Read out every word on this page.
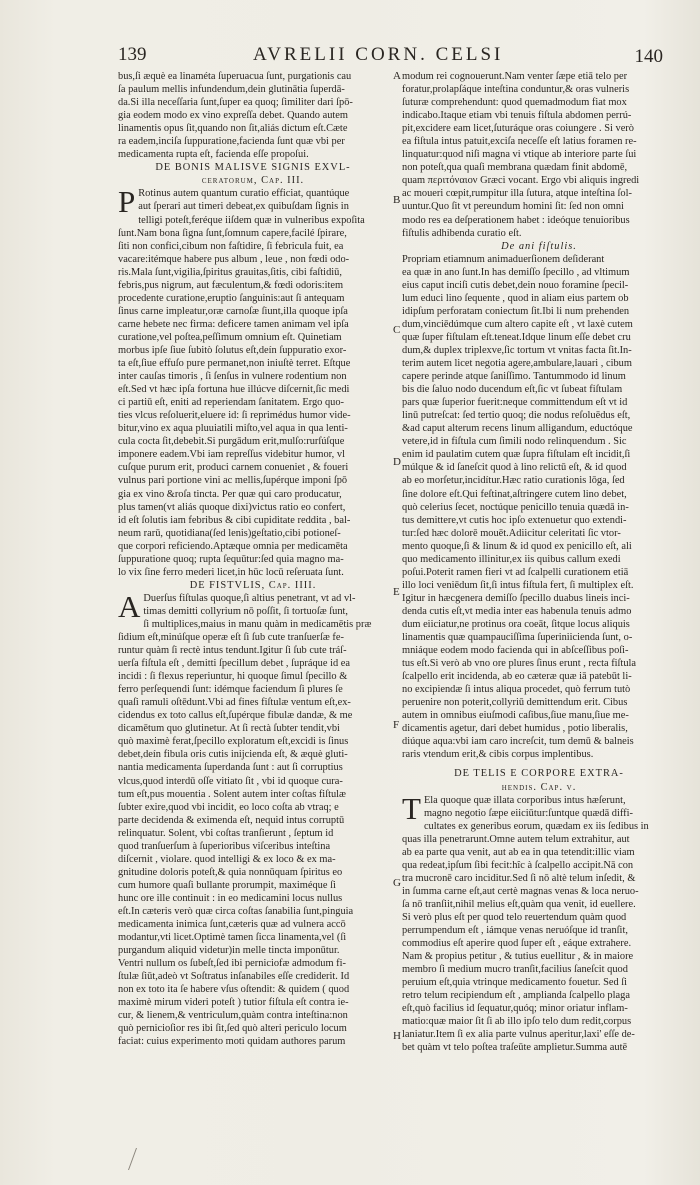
139	AVRELII CORN. CELSI	140
A
B
C
D
E
F
G
H
bus,ſi æquè ea linaméta ſuperuacua ſunt, purgationis cau
ſa paulum mellis infundendum,dein glutinātia ſuperdā-
da.Si illa neceſſaria ſunt,ſuper ea quoq; ſimiliter dari ſpō-
gia eodem modo ex vino expreſſa debet. Quando autem
linamentis opus ſit,quando non ſit,aliás dictum eſt.Cæte
ra eadem,inciſa ſuppuratione,facienda ſunt quæ vbi per
medicamenta rupta eſt, facienda eſſe propoſui.
DE BONIS MALISVE SIGNIS EXVL-
ceratorum, Cap. III.
P Rotinus autem quantum curatio efficiat, quantúque
aut ſperari aut timeri debeat,ex quibuſdam ſignis in
telligi poteſt,feréque iiſdem quæ in vulneribus expoſita
ſunt.Nam bona ſigna ſunt,ſomnum capere,facilé ſpirare,
ſiti non confici,cibum non faſtidire, ſi febricula fuit, ea
vacare:itémque habere pus album , leue , non fœdi odo-
ris.Mala ſunt,vigilia,ſpiritus grauitas,ſitis, cibi faſtidiū,
febris,pus nigrum, aut fæculentum,& fœdi odoris:item
procedente curatione,eruptio ſanguinis:aut ſi antequam
ſinus carne impleatur,oræ carnoſæ ſiunt,illa quoque ipſa
carne hebete nec firma: deficere tamen animam vel ipſa
curatione,vel poſtea,peſſimum omnium eſt. Quinetiam
morbus ipſe ſiue ſubitò ſolutus eſt,deín ſuppuratio exor-
ta eſt,ſiue effuſo pure permanet,non iniuſtè terret. Eſtque
inter cauſas timoris , ſi ſenſus in vulnere rodentium non
eſt.Sed vt hæc ipſa fortuna hue illúcve diſcernit,ſic medi
ci partiū eſt, eniti ad reperiendam ſanitatem. Ergo quo-
ties vlcus reſoluerit,eluere id: ſi reprimédus humor vide-
bitur,vino ex aqua pluuiatili miſto,vel aqua in qua lenti-
cula cocta ſit,debebit.Si purgādum erit,mulſo:rurſúſque
imponere eadem.Vbi iam repreſſus videbitur humor, vl
cuſque purum erit, produci carnem conueniet , & foueri
vulnus pari portione vini ac mellis,ſupérque imponi ſpō
gia ex vino &roſa tincta. Per quæ qui caro producatur,
plus tamen(vt aliás quoque dixi)victus ratio eo confert,
id eſt ſolutis iam febribus & cibi cupiditate reddita , bal-
neum rarū, quotidiana(ſed lenis)geſtatio,cibi potioneſ-
que corpori reficiendo.Aptæque omnia per medicamēta
ſuppuratione quoq; rupta ſequūtur:ſed quia magno ma-
lo vix ſine ferro mederi licet,in hūc locū reſeruata ſunt.
DE FISTVLIS, Cap. IIII.
A Duerſus fiſtulas quoque,ſi altius penetrant, vt ad vl-
timas demitti collyrium nō poſſit, ſi tortuoſæ ſunt,
ſi multiplices,maius in manu quàm in medicamētis præ
ſidium eſt,minúſque operæ eſt ſi ſub cute tranſuerſæ fe-
runtur quàm ſi rectè intus tendunt.Igitur ſi ſub cute tráſ-
uerſa fiſtula eſt , demitti ſpecillum debet , ſupráque id ea
incidi : ſi flexus reperiuntur, hi quoque ſimul ſpecillo &
ferro perſequendi ſunt: idémque faciendum ſi plures ſe
quaſi ramuli oſtēdunt.Vbi ad fines fiſtulæ ventum eſt,ex-
cidendus ex toto callus eſt,ſupérque fibulæ dandæ, & me
dicamētum quo glutinetur. At ſi rectà ſubter tendit,vbi
quò maximè ferat,ſpecillo exploratum eſt,excidi is ſinus
debet,deín fibula oris cutis inijcienda eſt, & æquè gluti-
nantia medicamenta ſuperdanda ſunt : aut ſi corruptius
vlcus,quod interdū oſſe vitiato ſit , vbi id quoque cura-
tum eſt,pus mouentia . Solent autem inter coſtas fiſtulæ
ſubter exire,quod vbi incidit, eo loco coſta ab vtraq; e
parte decidenda & eximenda eſt, nequid intus corruptū
relinquatur. Solent, vbi coſtas tranſierunt , ſeptum id
quod tranſuerſum à ſuperioribus viſceribus inteſtina
diſcernit , violare. quod intelligi & ex loco & ex ma-
gnitudine doloris poteſt,& quia nonnūquam ſpiritus eo
cum humore quaſi bullante prorumpit, maximéque ſi
hunc ore ille continuit : in eo medicamini locus nullus
eſt.In cæteris verò quæ circa coſtas ſanabilia ſunt,pinguia
medicamenta inimica ſunt,cæteris quæ ad vulnera accō
modantur,vti licet.Optimè tamen ſicca linamenta,vel (ſi
purgandum aliquid videtur)in melle tincta imponūtur.
Ventri nullum os ſubeſt,ſed ibi perniciofæ admodum fi-
ſtulæ ſiūt,adeò vt Soſtratus inſanabiles eſſe crediderit. Id
non ex toto ita ſe habere vſus oſtendit: & quidem ( quod
maximè mirum videri poteſt ) tutior fiſtula eſt contra ie-
cur, & lienem,& ventriculum,quàm contra inteſtina:non
quò pernicioſior res ibi ſit,ſed quò alteri periculo locum
faciat: cuius experimento moti quidam authores parum
modum rei cognouerunt.Nam venter ſæpe etiā telo per
foratur,prolapſáque inteſtina conduntur,& oras vulneris
ſuturæ comprehendunt: quod quemadmodum fiat mox
indicabo.Itaque etiam vbi tenuis fiſtula abdomen perrú-
pit,excidere eam licet,ſuturáque oras coiungere . Si verò
ea fiſtula intus patuit,exciſa neceſſe eſt latius foramen re-
linquatur:quod niſi magna vi vtique ab interiore parte ſui
non poteſt,qua quaſi membrana quædam finit abdomē,
quam περιτόναιον Græci vocant. Ergo vbi aliquis ingredi
ac moueri cœpit,rumpitur illa ſutura, atque inteſtina ſol-
uuntur.Quo ſit vt pereundum homini ſit: ſed non omni
modo res ea deſperationem habet : ideóque tenuioribus
fiſtulis adhibenda curatio eſt.
De ani fiſtulis.
Propriam etiamnum animaduerſionem deſiderant
ea quæ in ano ſunt.In has demiſſo ſpecillo , ad vltimum
eius caput inciſi cutis debet,dein nouo foramine ſpecil-
lum educi lino ſequente , quod in aliam eius partem ob
idipſum perforatam coniectum ſit.Ibi li num prehenden
dum,vinciēdúmque cum altero capite eſt , vt laxè cutem
quæ ſuper fiſtulam eſt.teneat.Idque linum eſſe debet cru
dum,& duplex triplexve,ſic tortum vt vnitas facta ſit.In-
terim autem licet negotia agere,ambulare,lauari , cibum
capere perinde atque ſaniſſimo. Tantummodo id linum
bis die ſaluo nodo ducendum eſt,ſic vt ſubeat fiſtulam
pars quæ ſuperior fuerit:neque committendum eſt vt id
linū putreſcat: ſed tertio quoq; die nodus reſoluēdus eſt,
&ad caput alterum recens linum alligandum, eductóque
vetere,id in fiſtula cum ſimili nodo relinquendum . Sic
enim id paulatim cutem quæ ſupra fiſtulam eſt incidit,ſi
múlque & id ſaneſcit quod à lino relictū eſt, & id quod
ab eo morſetur,incidítur.Hæc ratio curationis lōga, ſed
ſine dolore eſt.Qui feſtinat,aſtringere cutem lino debet,
quò celerius ſecet, noctúque penicillo tenuia quædā in-
tus demittere,vt cutis hoc ipſo extenuetur quo extendi-
tur:ſed hæc dolorē mouēt.Adiicitur celeritati ſic vtor-
mento quoque,ſi & linum & id quod ex penicillo eſt, ali
quo medicamento illinitur,ex iis quibus callum exedi
poſui.Poterit ramen fieri vt ad ſcalpelli curationem etiā
illo loci veniēdum ſit,ſi intus fiſtula fert, ſi multiplex eſt.
Igitur in hæcgenera demiſſo ſpecillo duabus lineis inci-
denda cutis eſt,vt media inter eas habenula tenuis admo
dum eiiciatur,ne protinus ora coeāt, ſitque locus aliquis
linamentis quæ quampauciſſima ſuperiniicienda ſunt, o-
mniáque eodem modo facienda qui in abſceſſibus poſi-
tus eſt.Si verò ab vno ore plures ſinus erunt , recta fiſtula
ſcalpello erit incidenda, ab eo cæteræ quæ iā patebūt li-
no excipiendæ ſi intus aliqua procedet, quò ferrum tutò
peruenire non poterit,collyriū demittendum erit. Cibus
autem in omnibus eiuſmodi caſibus,ſiue manu,ſiue me-
dicamentis agetur, dari debet humidus , potio liberalis,
diúque aqua:vbi iam caro increſcit, tum demū & balneis
raris vtendum erit,& cibis corpus implentibus.
DE TELIS E CORPORE EXTRA-
hendis. Cap. v.
T Ela quoque quæ illata corporibus intus hæſerunt,
magno negotio ſæpe eiiciūtur:ſuntque quædā diffi-
cultates ex generibus eorum, quædam ex iis ſedibus in
quas illa penetrarunt.Omne autem telum extrahitur, aut
ab ea parte qua venit, aut ab ea in qua tetendit:illic viam
qua redeat,ipſum ſibi fecit:hîc à ſcalpello accipit.Nā con
tra mucronē caro inciditur.Sed ſi nō altè telum inſedit, &
in ſumma carne eſt,aut certè magnas venas & loca neruo-
ſa nō tranſiit,nihil melius eſt,quàm qua venit, id euellere.
Si verò plus eſt per quod telo reuertendum quàm quod
perrumpendum eſt , iámque venas neruóſque id tranſit,
commodius eſt aperire quod ſuper eſt , eáque extrahere.
Nam & propius petitur , & tutius euellitur , & in maiore
membro ſi medium mucro tranſit,facilius ſaneſcit quod
peruium eſt,quia vtrinque medicamento fouetur. Sed ſi
retro telum recipiendum eſt , amplianda ſcalpello plaga
eſt,quò facilius id ſequatur,quóq; minor oriatur inflam-
matio:quæ maior ſit ſi ab illo ipſo telo dum redit,corpus
laniatur.Item ſi ex alia parte vulnus aperitur,laxi' eſſe de-
bet quàm vt telo poſtea traſeūte amplietur.Summa autē
